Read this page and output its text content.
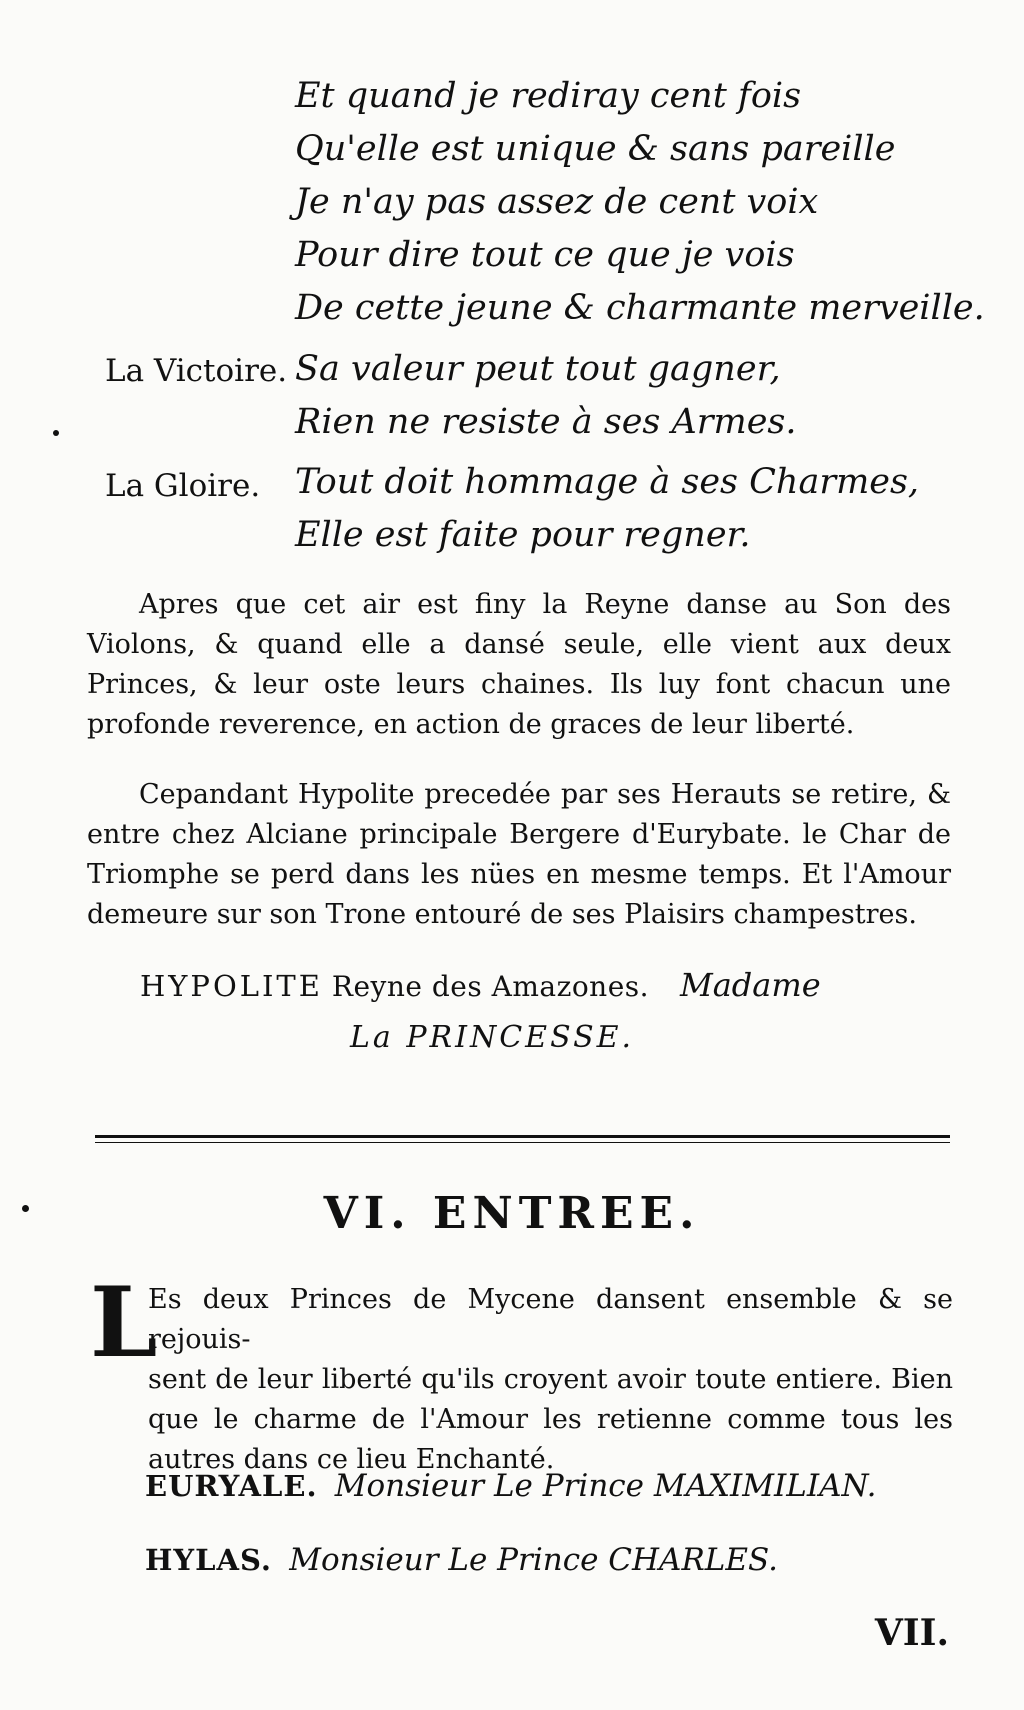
Et quand je rediray cent fois
Qu'elle est unique & sans pareille
Je n'ay pas assez de cent voix
Pour dire tout ce que je vois
De cette jeune & charmante merveille.
La Victoire. Sa valeur peut tout gagner,
Rien ne resiste à ses Armes.
La Gloire. Tout doit hommage à ses Charmes,
Elle est faite pour regner.
Apres que cet air est finy la Reyne danse au Son des Violons, & quand elle a dansé seule, elle vient aux deux Princes, & leur oste leurs chaines. Ils luy font chacun une profonde reverence, en action de graces de leur liberté.
Cepandant Hypolite precedée par ses Herauts se retire, & entre chez Alciane principale Bergere d'Eurybate. le Char de Triomphe se perd dans les nües en mesme temps. Et l'Amour demeure sur son Trone entouré de ses Plaisirs champestres.
HYPOLITE Reyne des Amazones. Madame
La PRINCESSE.
VI. ENTREE.
L
Es deux Princes de Mycene dansent ensemble & se rejouis-
sent de leur liberté qu'ils croyent avoir toute entiere. Bien que le charme de l'Amour les retienne comme tous les autres dans ce lieu Enchanté.
EURYALE. Monsieur Le Prince MAXIMILIAN.
HYLAS. Monsieur Le Prince CHARLES.
VII.
